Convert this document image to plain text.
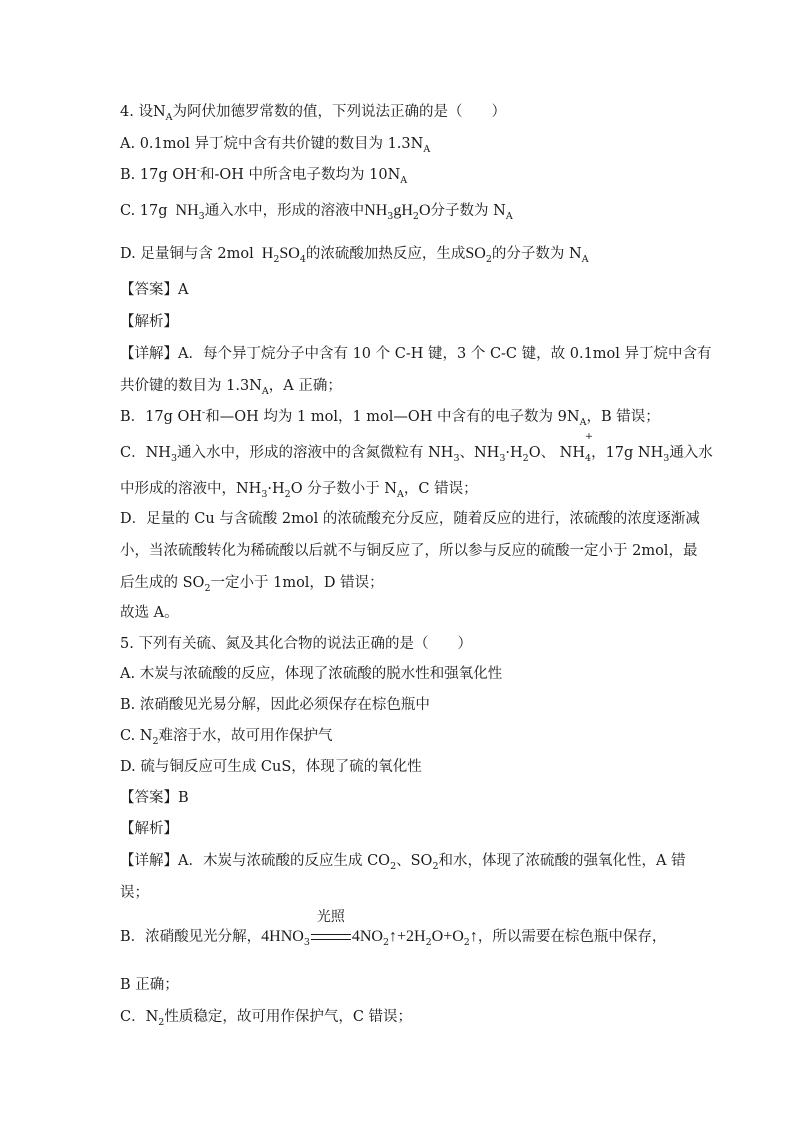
4. 设$N_A$为阿伏加德罗常数的值，下列说法正确的是（　　）
A. 0.1mol 异丁烷中含有共价键的数目为 $1.3N_A$
B. 17g OH-和-OH 中所含电子数均为 $10N_A$
C. 17g $NH_3$通入水中，形成的溶液中$NH_3gH_2O$分子数为 $N_A$
D. 足量铜与含 2mol $H_2SO_4$的浓硫酸加热反应，生成$SO_2$的分子数为 $N_A$
【答案】A
【解析】
【详解】A．每个异丁烷分子中含有 10 个 C-H 键，3 个 C-C 键，故 0.1mol 异丁烷中含有
共价键的数目为 $1.3N_A$，A 正确；
B．17g OH-和—OH 均为 1 mol，1 mol—OH 中含有的电子数为 $9N_A$，B 错误；
C．$NH_3$通入水中，形成的溶液中的含氮微粒有 $NH_3$、$NH_3\cdot H_2O$、 NH
+
$_4$，17g $NH_3$通入水
中形成的溶液中，$NH_3\cdot H_2O$ 分子数小于 $N_A$，C 错误；
D．足量的 Cu 与含硫酸 2mol 的浓硫酸充分反应，随着反应的进行，浓硫酸的浓度逐渐减
小，当浓硫酸转化为稀硫酸以后就不与铜反应了，所以参与反应的硫酸一定小于 2mol，最
后生成的 $SO_2$一定小于 1mol，D 错误；
故选 A。
5. 下列有关硫、氮及其化合物的说法正确的是（　　）
A. 木炭与浓硫酸的反应，体现了浓硫酸的脱水性和强氧化性
B. 浓硝酸见光易分解，因此必须保存在棕色瓶中
C. $N_2$难溶于水，故可用作保护气
D. 硫与铜反应可生成 CuS，体现了硫的氧化性
【答案】B
【解析】
【详解】A．木炭与浓硫酸的反应生成 $CO_2$、$SO_2$和水，体现了浓硫酸的强氧化性，A 错
误；
B．浓硝酸见光分解，$4HNO_3$
光照
$4NO_2↑+2H_2O+O_2↑$，所以需要在棕色瓶中保存，
B 正确；
C．$N_2$性质稳定，故可用作保护气，C 错误；
